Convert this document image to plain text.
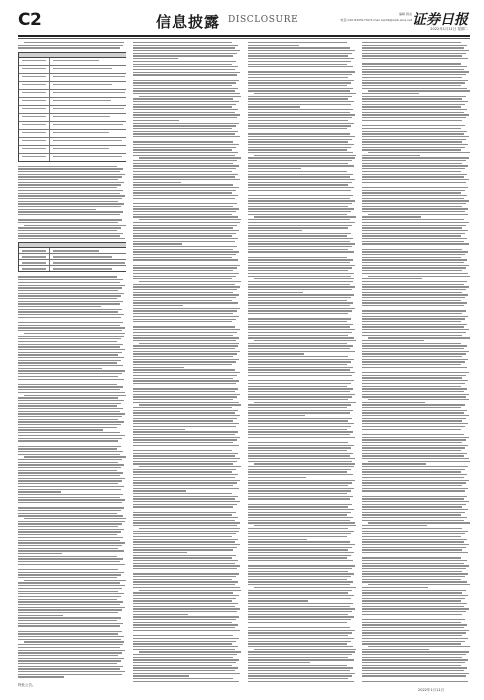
C2	信息披露 DISCLOSURE
编辑 顾炎
电话 010-83251730 E-mail zqrb9@zqrb.sina.net 证券日报
2022年1月11日 星期二
特此公告。
2022年1月11日
